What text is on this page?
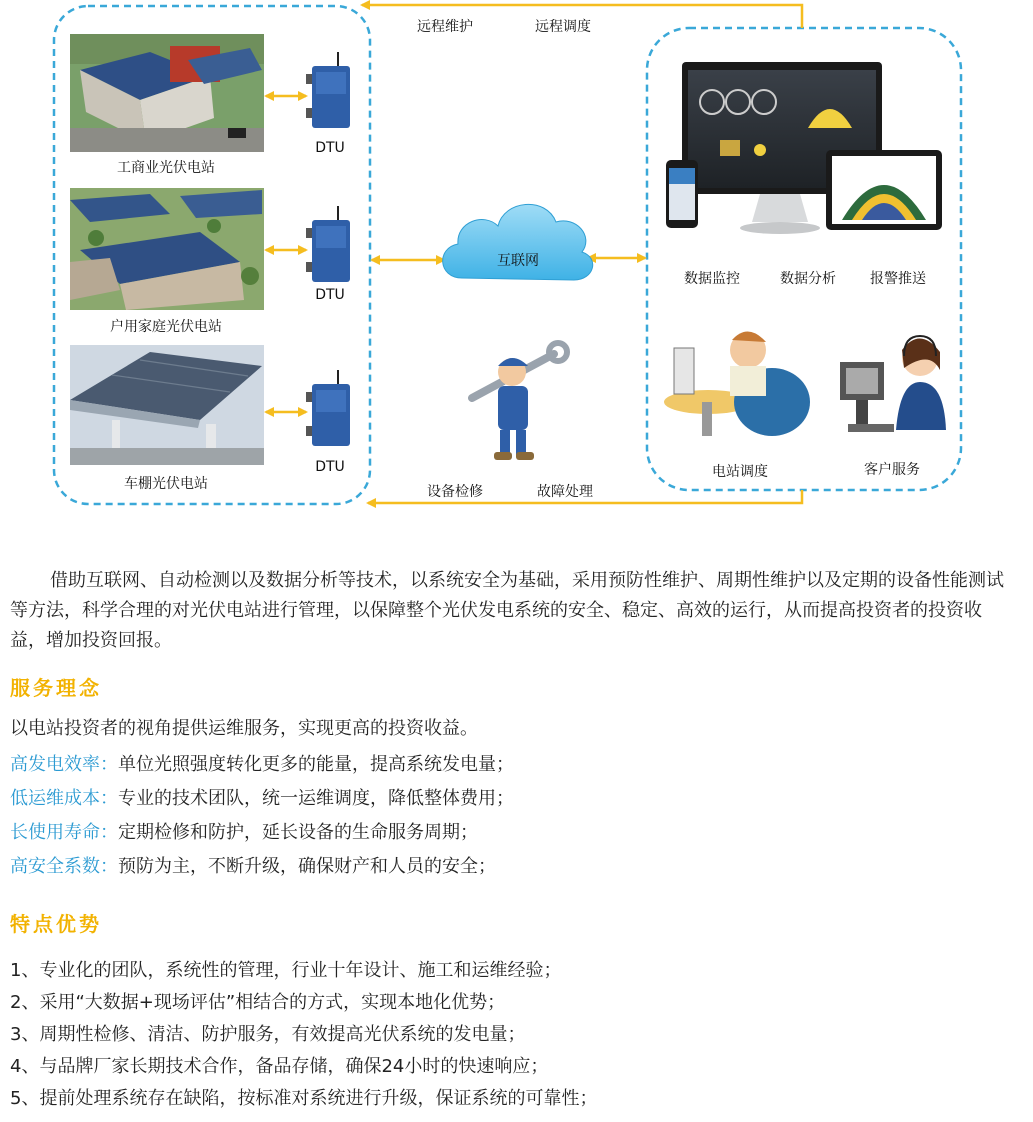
远程维护	远程调度
工商业光伏电站
户用家庭光伏电站
车棚光伏电站
DTU
DTU
DTU
互联网
数据监控	数据分析	报警推送
电站调度	客户服务
设备检修	故障处理

借助互联网、自动检测以及数据分析等技术，以系统安全为基础，采用预防性维护、周期性维护以及定期的设备性能测试等方法，科学合理的对光伏电站进行管理，以保障整个光伏发电系统的安全、稳定、高效的运行，从而提高投资者的投资收益，增加投资回报。

服务理念
以电站投资者的视角提供运维服务，实现更高的投资收益。
高发电效率：单位光照强度转化更多的能量，提高系统发电量；
低运维成本：专业的技术团队，统一运维调度，降低整体费用；
长使用寿命：定期检修和防护，延长设备的生命服务周期；
高安全系数：预防为主，不断升级，确保财产和人员的安全；
特点优势
1、专业化的团队，系统性的管理，行业十年设计、施工和运维经验；
2、采用“大数据+现场评估”相结合的方式，实现本地化优势；
3、周期性检修、清洁、防护服务，有效提高光伏系统的发电量；
4、与品牌厂家长期技术合作，备品存储，确保24小时的快速响应；
5、提前处理系统存在缺陷，按标准对系统进行升级，保证系统的可靠性；
